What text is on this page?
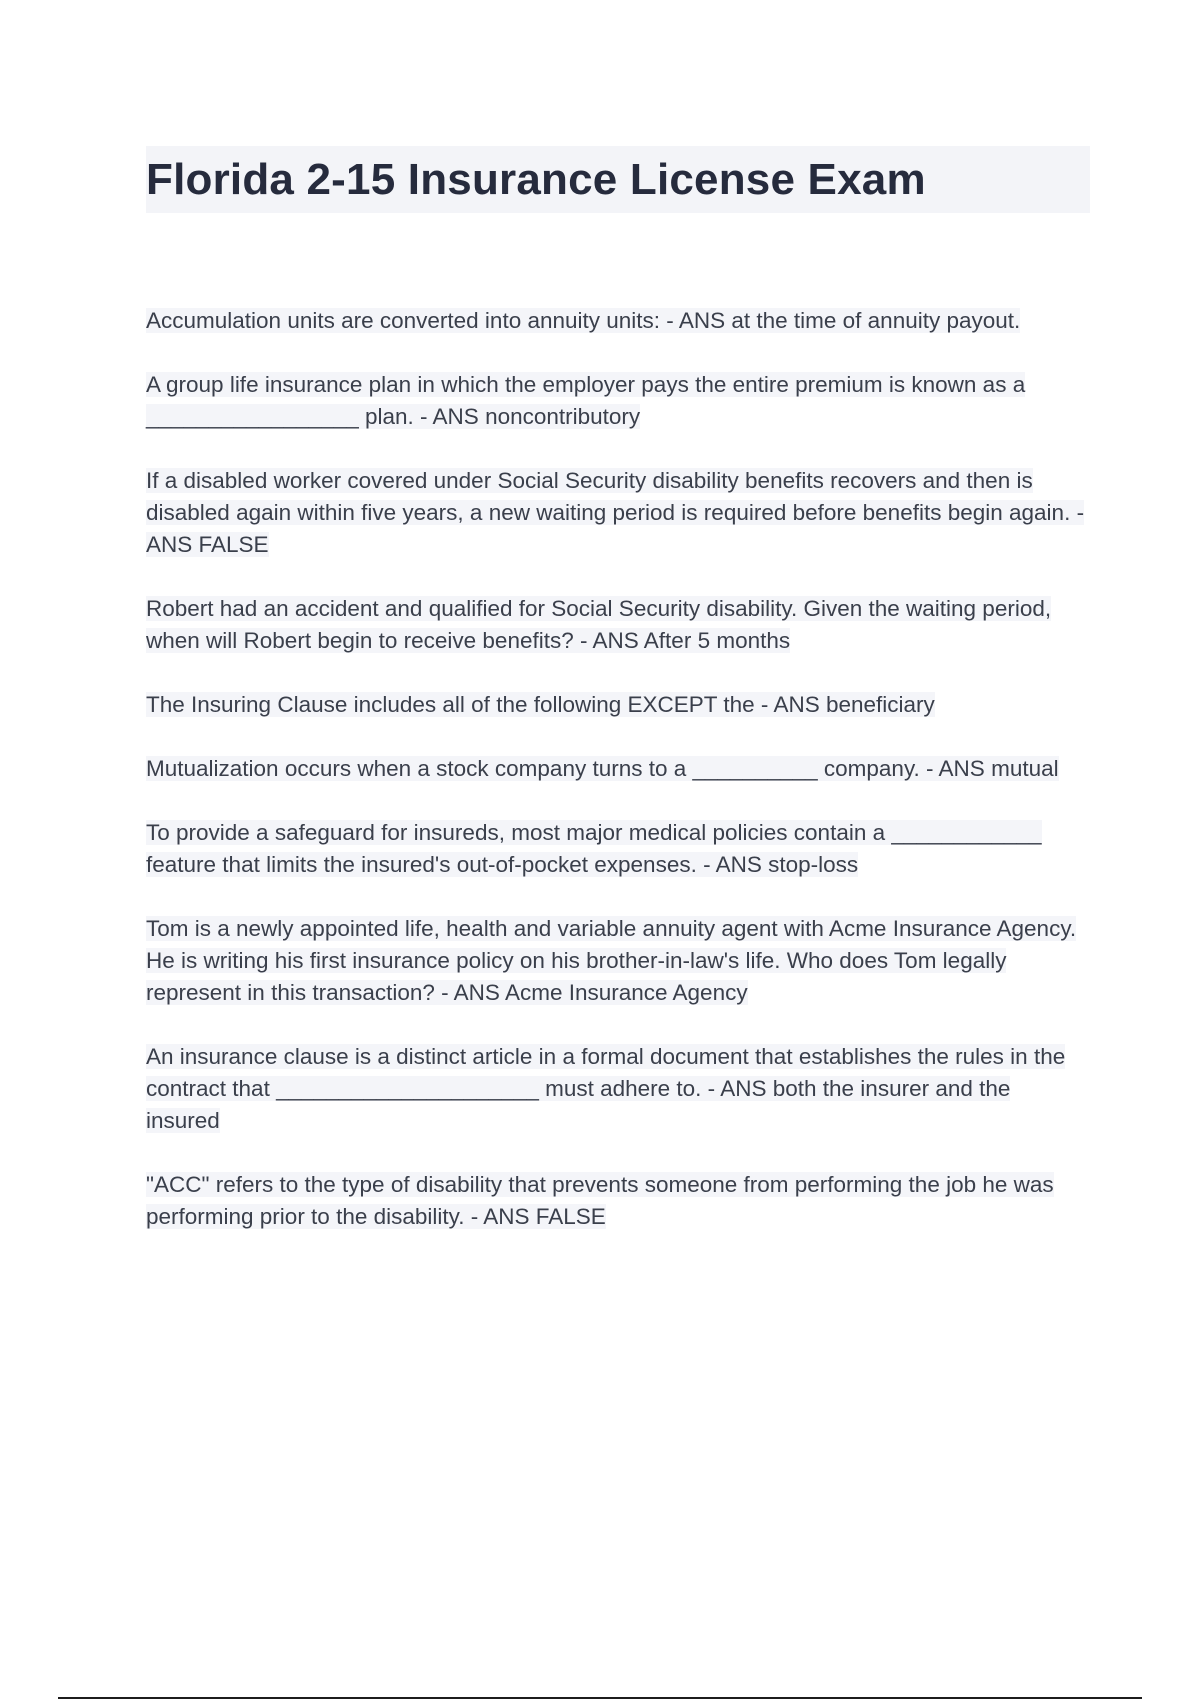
Florida 2-15 Insurance License Exam
Accumulation units are converted into annuity units: - ANS at the time of annuity payout.
A group life insurance plan in which the employer pays the entire premium is known as a _________________ plan. - ANS noncontributory
If a disabled worker covered under Social Security disability benefits recovers and then is disabled again within five years, a new waiting period is required before benefits begin again. - ANS FALSE
Robert had an accident and qualified for Social Security disability. Given the waiting period, when will Robert begin to receive benefits? - ANS After 5 months
The Insuring Clause includes all of the following EXCEPT the - ANS beneficiary
Mutualization occurs when a stock company turns to a __________ company. - ANS mutual
To provide a safeguard for insureds, most major medical policies contain a ____________ feature that limits the insured's out-of-pocket expenses. - ANS stop-loss
Tom is a newly appointed life, health and variable annuity agent with Acme Insurance Agency. He is writing his first insurance policy on his brother-in-law's life. Who does Tom legally represent in this transaction? - ANS Acme Insurance Agency
An insurance clause is a distinct article in a formal document that establishes the rules in the contract that _____________________ must adhere to. - ANS both the insurer and the insured
"ACC" refers to the type of disability that prevents someone from performing the job he was performing prior to the disability. - ANS FALSE
